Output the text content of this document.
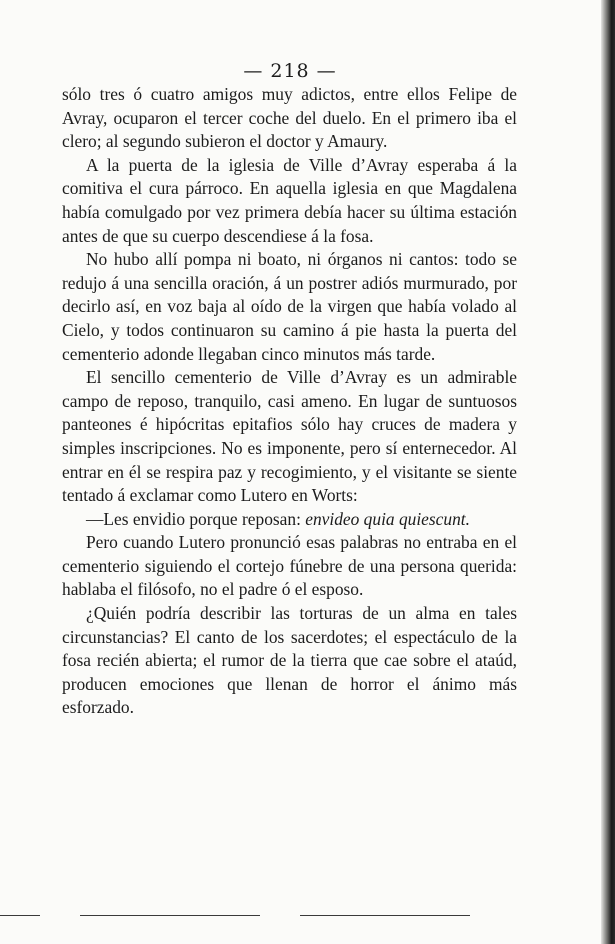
— 218 —

sólo tres ó cuatro amigos muy adictos, entre ellos Felipe de Avray, ocuparon el tercer coche del duelo. En el primero iba el clero; al segundo subieron el doctor y Amaury.

A la puerta de la iglesia de Ville d’Avray esperaba á la comitiva el cura párroco. En aquella iglesia en que Magdalena había comulgado por vez primera debía hacer su última estación antes de que su cuerpo descendiese á la fosa.

No hubo allí pompa ni boato, ni órganos ni cantos: todo se redujo á una sencilla oración, á un postrer adiós murmurado, por decirlo así, en voz baja al oído de la virgen que había volado al Cielo, y todos continuaron su camino á pie hasta la puerta del cementerio adonde llegaban cinco minutos más tarde.

El sencillo cementerio de Ville d’Avray es un admirable campo de reposo, tranquilo, casi ameno. En lugar de suntuosos panteones é hipócritas epitafios sólo hay cruces de madera y simples inscripciones. No es imponente, pero sí enternecedor. Al entrar en él se respira paz y recogimiento, y el visitante se siente tentado á exclamar como Lutero en Worts:

—Les envidio porque reposan: envideo quia quiescunt.

Pero cuando Lutero pronunció esas palabras no entraba en el cementerio siguiendo el cortejo fúnebre de una persona querida: hablaba el filósofo, no el padre ó el esposo.

¿Quién podría describir las torturas de un alma en tales circunstancias? El canto de los sacerdotes; el espectáculo de la fosa recién abierta; el rumor de la tierra que cae sobre el ataúd, producen emociones que llenan de horror el ánimo más esforzado.
